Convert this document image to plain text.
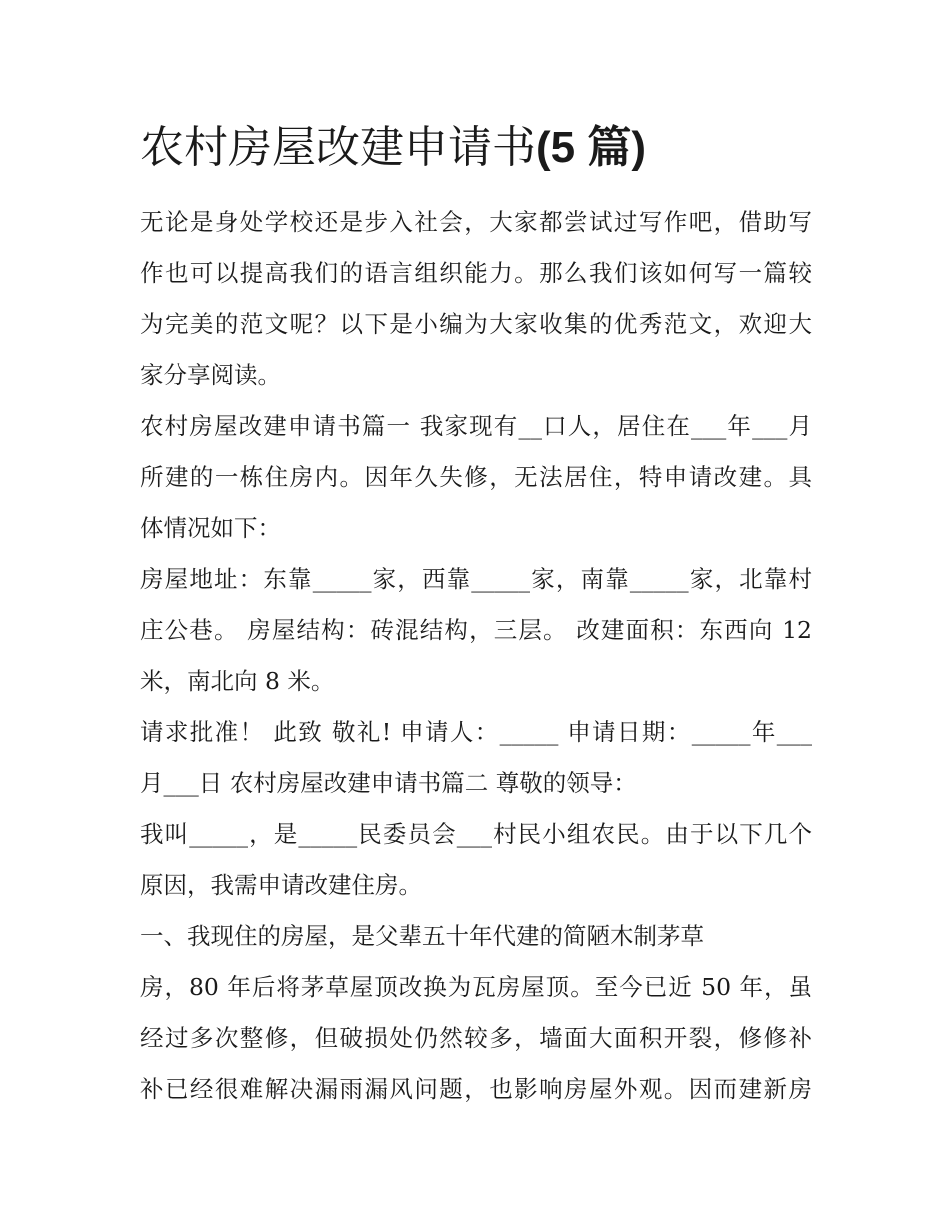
农村房屋改建申请书(5 篇)
无论是身处学校还是步入社会，大家都尝试过写作吧，借助写
作也可以提高我们的语言组织能力。那么我们该如何写一篇较
为完美的范文呢？以下是小编为大家收集的优秀范文，欢迎大
家分享阅读。
农村房屋改建申请书篇一 我家现有__口人，居住在___年___月
所建的一栋住房内。因年久失修，无法居住，特申请改建。具
体情况如下：
房屋地址：东靠_____家，西靠_____家，南靠_____家，北靠村
庄公巷。 房屋结构：砖混结构，三层。 改建面积：东西向 12
米，南北向 8 米。
请求批准！ 此致 敬礼! 申请人：_____ 申请日期：_____年___
月___日 农村房屋改建申请书篇二 尊敬的领导：
我叫_____，是_____民委员会___村民小组农民。由于以下几个
原因，我需申请改建住房。
一、我现住的房屋，是父辈五十年代建的简陋木制茅草
房，80 年后将茅草屋顶改换为瓦房屋顶。至今已近 50 年，虽
经过多次整修，但破损处仍然较多，墙面大面积开裂，修修补
补已经很难解决漏雨漏风问题，也影响房屋外观。因而建新房
